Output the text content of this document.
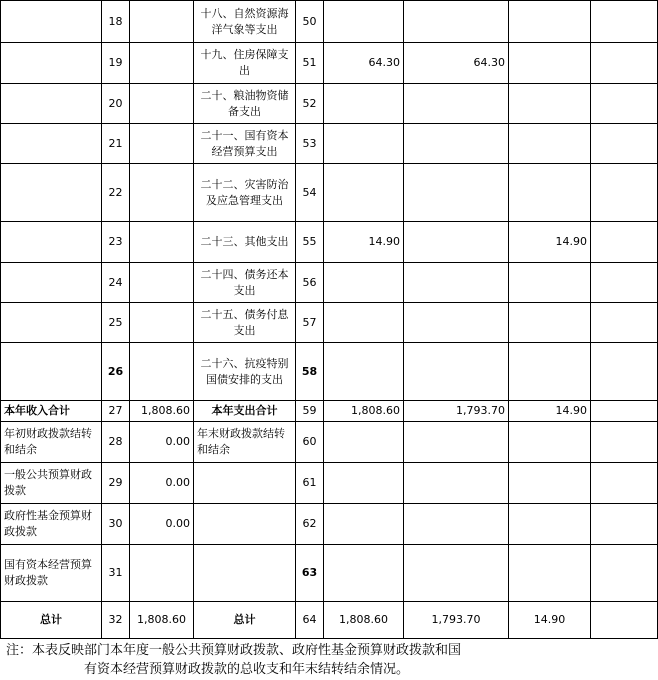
	18		十八、自然资源海洋气象等支出	50				
	19		十九、住房保障支出	51	64.30	64.30		
	20		二十、粮油物资储备支出	52				
	21		二十一、国有资本经营预算支出	53				
	22		二十二、灾害防治及应急管理支出	54				
	23		二十三、其他支出	55	14.90		14.90	
	24		二十四、债务还本支出	56				
	25		二十五、债务付息支出	57				
	26		二十六、抗疫特别国债安排的支出	58				
本年收入合计	27	1,808.60	本年支出合计	59	1,808.60	1,793.70	14.90	
年初财政拨款结转和结余	28	0.00	年末财政拨款结转和结余	60				
一般公共预算财政拨款	29	0.00		61				
政府性基金预算财政拨款	30	0.00		62				
国有资本经营预算财政拨款	31			63				
总计	32	1,808.60	总计	64	1,808.60	1,793.70	14.90	
注：本表反映部门本年度一般公共预算财政拨款、政府性基金预算财政拨款和国
有资本经营预算财政拨款的总收支和年末结转结余情况。
